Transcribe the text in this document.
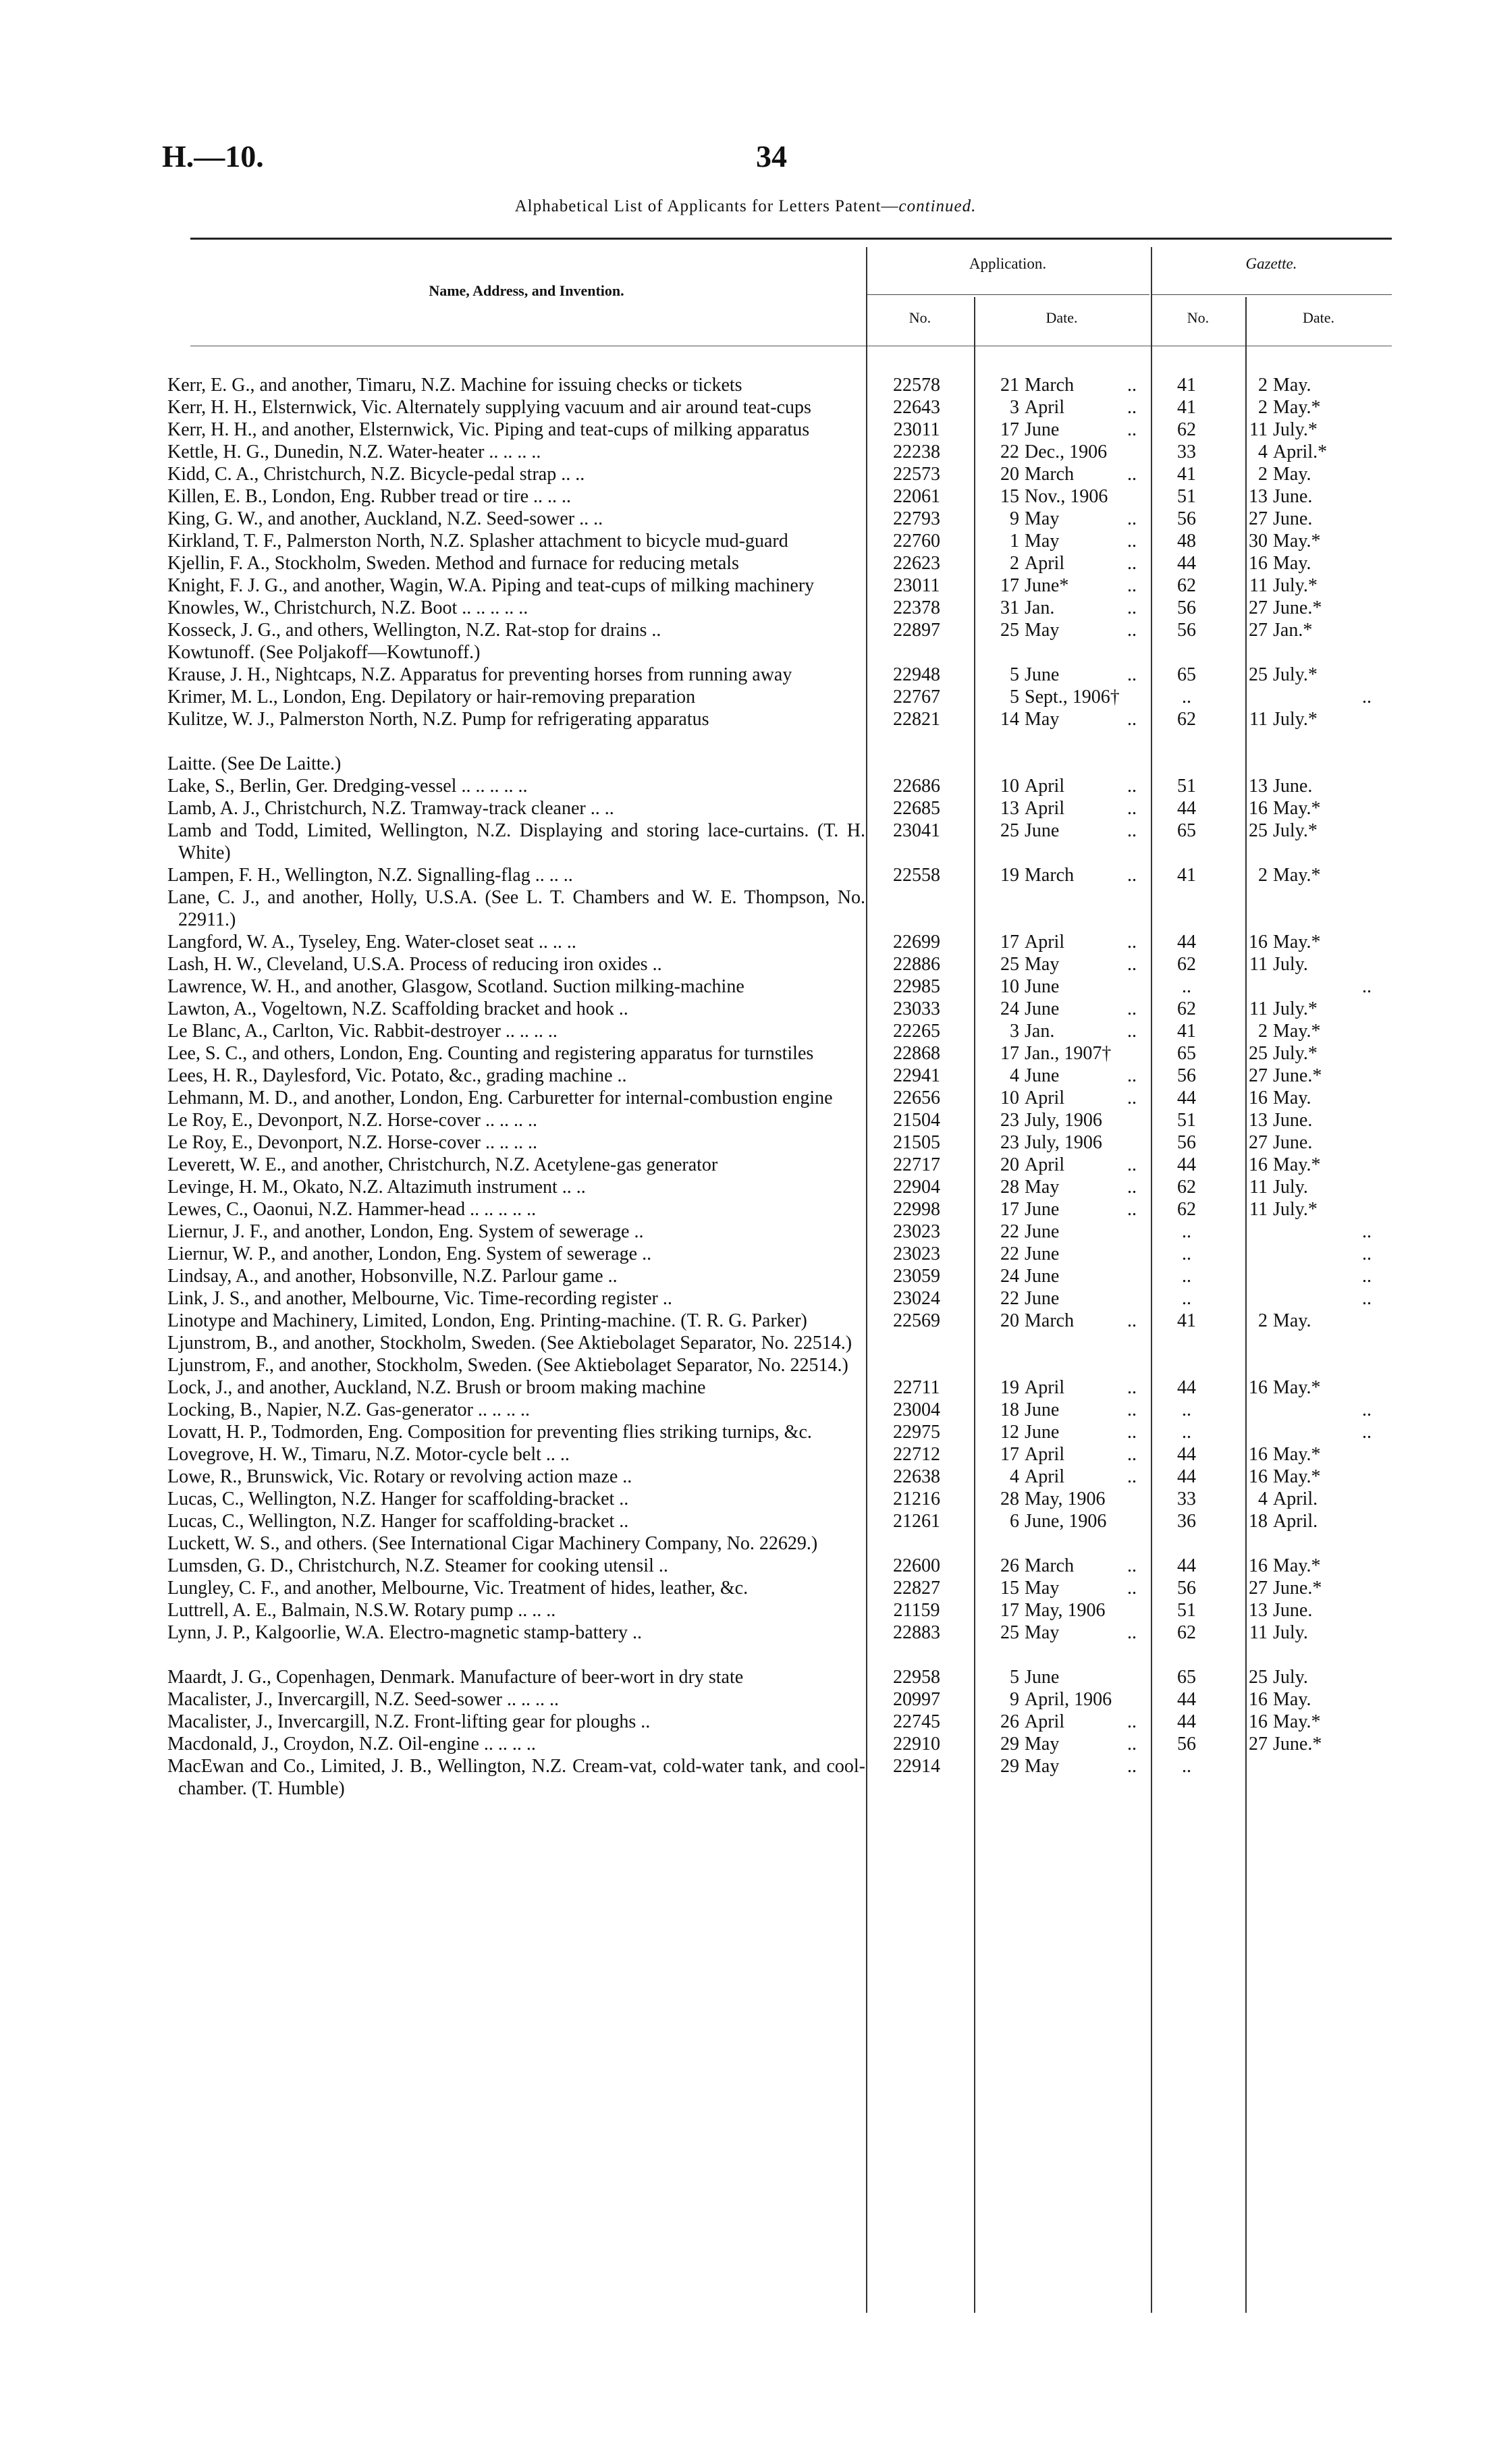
H.—10.	34
Alphabetical List of Applicants for Letters Patent—continued.
Name, Address, and Invention.
Application.	Gazette.
No.	Date.	No.	Date.
Kerr, E. G., and another, Timaru, N.Z. Machine for issuing checks or tickets	22578	21 March	..	41	2 May.
Kerr, H. H., Elsternwick, Vic. Alternately supplying vacuum and air around teat-cups	22643	3 April	..	41	2 May.*
Kerr, H. H., and another, Elsternwick, Vic. Piping and teat-cups of milking apparatus	23011	17 June	..	62	11 July.*
Kettle, H. G., Dunedin, N.Z. Water-heater .. .. .. ..	22238	22 Dec., 1906	33	4 April.*
Kidd, C. A., Christchurch, N.Z. Bicycle-pedal strap .. ..	22573	20 March	..	41	2 May.
Killen, E. B., London, Eng. Rubber tread or tire .. .. ..	22061	15 Nov., 1906	51	13 June.
King, G. W., and another, Auckland, N.Z. Seed-sower .. ..	22793	9 May	..	56	27 June.
Kirkland, T. F., Palmerston North, N.Z. Splasher attachment to bicycle mud-guard	22760	1 May	..	48	30 May.*
Kjellin, F. A., Stockholm, Sweden. Method and furnace for reducing metals	22623	2 April	..	44	16 May.
Knight, F. J. G., and another, Wagin, W.A. Piping and teat-cups of milking machinery	23011	17 June*	..	62	11 July.*
Knowles, W., Christchurch, N.Z. Boot .. .. .. .. ..	22378	31 Jan.	..	56	27 June.*
Kosseck, J. G., and others, Wellington, N.Z. Rat-stop for drains ..	22897	25 May	..	56	27 Jan.*
Kowtunoff. (See Poljakoff—Kowtunoff.)
Krause, J. H., Nightcaps, N.Z. Apparatus for preventing horses from running away	22948	5 June	..	65	25 July.*
Krimer, M. L., London, Eng. Depilatory or hair-removing preparation	22767	5 Sept., 1906†	..	..
Kulitze, W. J., Palmerston North, N.Z. Pump for refrigerating apparatus	22821	14 May	..	62	11 July.*
Laitte. (See De Laitte.)
Lake, S., Berlin, Ger. Dredging-vessel .. .. .. .. ..	22686	10 April	..	51	13 June.
Lamb, A. J., Christchurch, N.Z. Tramway-track cleaner .. ..	22685	13 April	..	44	16 May.*
Lamb and Todd, Limited, Wellington, N.Z. Displaying and storing lace-curtains. (T. H. White)
23041	25 June	..	65	25 July.*
Lampen, F. H., Wellington, N.Z. Signalling-flag .. .. ..	22558	19 March	..	41	2 May.*
Lane, C. J., and another, Holly, U.S.A. (See L. T. Chambers and W. E. Thompson, No. 22911.)
Langford, W. A., Tyseley, Eng. Water-closet seat .. .. ..	22699	17 April	..	44	16 May.*
Lash, H. W., Cleveland, U.S.A. Process of reducing iron oxides ..	22886	25 May	..	62	11 July.
Lawrence, W. H., and another, Glasgow, Scotland. Suction milking-machine	22985	10 June	..	..
Lawton, A., Vogeltown, N.Z. Scaffolding bracket and hook ..	23033	24 June	..	62	11 July.*
Le Blanc, A., Carlton, Vic. Rabbit-destroyer .. .. .. ..	22265	3 Jan.	..	41	2 May.*
Lee, S. C., and others, London, Eng. Counting and registering apparatus for turnstiles	22868	17 Jan., 1907†	65	25 July.*
Lees, H. R., Daylesford, Vic. Potato, &c., grading machine ..	22941	4 June	..	56	27 June.*
Lehmann, M. D., and another, London, Eng. Carburetter for internal-combustion engine	22656	10 April	..	44	16 May.
Le Roy, E., Devonport, N.Z. Horse-cover .. .. .. ..	21504	23 July, 1906	51	13 June.
Le Roy, E., Devonport, N.Z. Horse-cover .. .. .. ..	21505	23 July, 1906	56	27 June.
Leverett, W. E., and another, Christchurch, N.Z. Acetylene-gas generator	22717	20 April	..	44	16 May.*
Levinge, H. M., Okato, N.Z. Altazimuth instrument .. ..	22904	28 May	..	62	11 July.
Lewes, C., Oaonui, N.Z. Hammer-head .. .. .. .. ..	22998	17 June	..	62	11 July.*
Liernur, J. F., and another, London, Eng. System of sewerage ..	23023	22 June	..	..
Liernur, W. P., and another, London, Eng. System of sewerage ..	23023	22 June	..	..
Lindsay, A., and another, Hobsonville, N.Z. Parlour game ..	23059	24 June	..	..
Link, J. S., and another, Melbourne, Vic. Time-recording register ..	23024	22 June	..	..
Linotype and Machinery, Limited, London, Eng. Printing-machine. (T. R. G. Parker)	22569	20 March	..	41	2 May.
Ljunstrom, B., and another, Stockholm, Sweden. (See Aktiebolaget Separator, No. 22514.)
Ljunstrom, F., and another, Stockholm, Sweden. (See Aktiebolaget Separator, No. 22514.)
Lock, J., and another, Auckland, N.Z. Brush or broom making machine	22711	19 April	..	44	16 May.*
Locking, B., Napier, N.Z. Gas-generator .. .. .. ..	23004	18 June	..	..	..
Lovatt, H. P., Todmorden, Eng. Composition for preventing flies striking turnips, &c.	22975	12 June	..	..	..
Lovegrove, H. W., Timaru, N.Z. Motor-cycle belt .. ..	22712	17 April	..	44	16 May.*
Lowe, R., Brunswick, Vic. Rotary or revolving action maze ..	22638	4 April	..	44	16 May.*
Lucas, C., Wellington, N.Z. Hanger for scaffolding-bracket ..	21216	28 May, 1906	33	4 April.
Lucas, C., Wellington, N.Z. Hanger for scaffolding-bracket ..	21261	6 June, 1906	36	18 April.
Luckett, W. S., and others. (See International Cigar Machinery Company, No. 22629.)
Lumsden, G. D., Christchurch, N.Z. Steamer for cooking utensil ..	22600	26 March	..	44	16 May.*
Lungley, C. F., and another, Melbourne, Vic. Treatment of hides, leather, &c.	22827	15 May	..	56	27 June.*
Luttrell, A. E., Balmain, N.S.W. Rotary pump .. .. ..	21159	17 May, 1906	51	13 June.
Lynn, J. P., Kalgoorlie, W.A. Electro-magnetic stamp-battery ..	22883	25 May	..	62	11 July.
Maardt, J. G., Copenhagen, Denmark. Manufacture of beer-wort in dry state	22958	5 June	65	25 July.
Macalister, J., Invercargill, N.Z. Seed-sower .. .. .. ..	20997	9 April, 1906	44	16 May.
Macalister, J., Invercargill, N.Z. Front-lifting gear for ploughs ..	22745	26 April	..	44	16 May.*
Macdonald, J., Croydon, N.Z. Oil-engine .. .. .. ..	22910	29 May	..	56	27 June.*
MacEwan and Co., Limited, J. B., Wellington, N.Z. Cream-vat, cold-water tank, and cool-chamber. (T. Humble)
22914	29 May	..	..
